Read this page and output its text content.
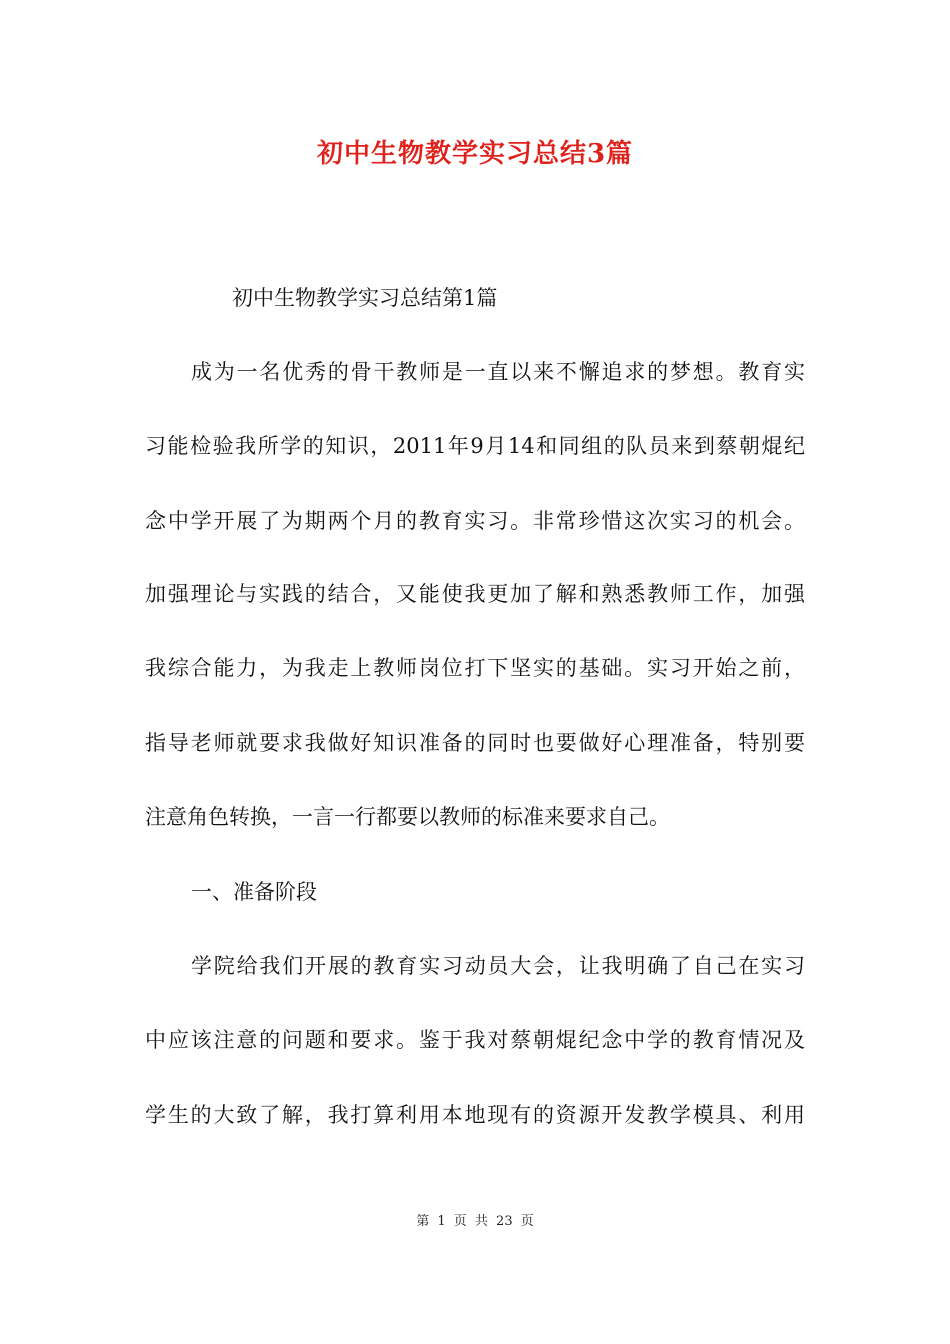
初中生物教学实习总结3篇

初中生物教学实习总结第1篇

成为一名优秀的骨干教师是一直以来不懈追求的梦想。教育实

习能检验我所学的知识，2011年9月14和同组的队员来到蔡朝焜纪

念中学开展了为期两个月的教育实习。非常珍惜这次实习的机会。

加强理论与实践的结合，又能使我更加了解和熟悉教师工作，加强

我综合能力，为我走上教师岗位打下坚实的基础。实习开始之前，

指导老师就要求我做好知识准备的同时也要做好心理准备，特别要

注意角色转换，一言一行都要以教师的标准来要求自己。

一、准备阶段

学院给我们开展的教育实习动员大会，让我明确了自己在实习

中应该注意的问题和要求。鉴于我对蔡朝焜纪念中学的教育情况及

学生的大致了解，我打算利用本地现有的资源开发教学模具、利用

第 1 页 共 23 页
